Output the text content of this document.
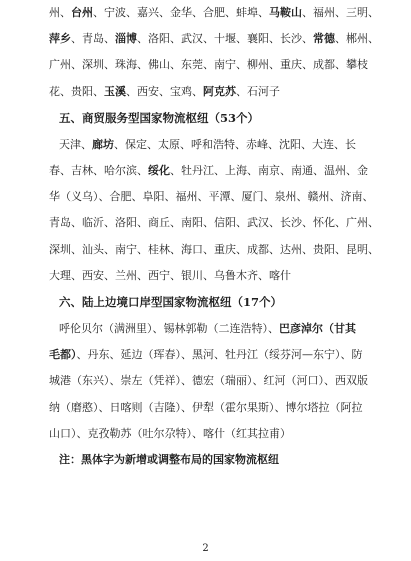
州、台州、宁波、嘉兴、金华、合肥、蚌埠、马鞍山、福州、三明、
萍乡、青岛、淄博、洛阳、武汉、十堰、襄阳、长沙、常德、郴州、
广州、深圳、珠海、佛山、东莞、南宁、柳州、重庆、成都、攀枝
花、贵阳、玉溪、西安、宝鸡、阿克苏、石河子
五、商贸服务型国家物流枢纽（53个）
天津、廊坊、保定、太原、呼和浩特、赤峰、沈阳、大连、长
春、吉林、哈尔滨、绥化、牡丹江、上海、南京、南通、温州、金
华（义乌）、合肥、阜阳、福州、平潭、厦门、泉州、赣州、济南、
青岛、临沂、洛阳、商丘、南阳、信阳、武汉、长沙、怀化、广州、
深圳、汕头、南宁、桂林、海口、重庆、成都、达州、贵阳、昆明、
大理、西安、兰州、西宁、银川、乌鲁木齐、喀什
六、陆上边境口岸型国家物流枢纽（17个）
呼伦贝尔（满洲里）、锡林郭勒（二连浩特）、巴彦淖尔（甘其
毛都）、丹东、延边（珲春）、黑河、牡丹江（绥芬河—东宁）、防
城港（东兴）、崇左（凭祥）、德宏（瑞丽）、红河（河口）、西双版
纳（磨憨）、日喀则（吉隆）、伊犁（霍尔果斯）、博尔塔拉（阿拉
山口）、克孜勒苏（吐尔尕特）、喀什（红其拉甫）
注：黑体字为新增或调整布局的国家物流枢纽
2
